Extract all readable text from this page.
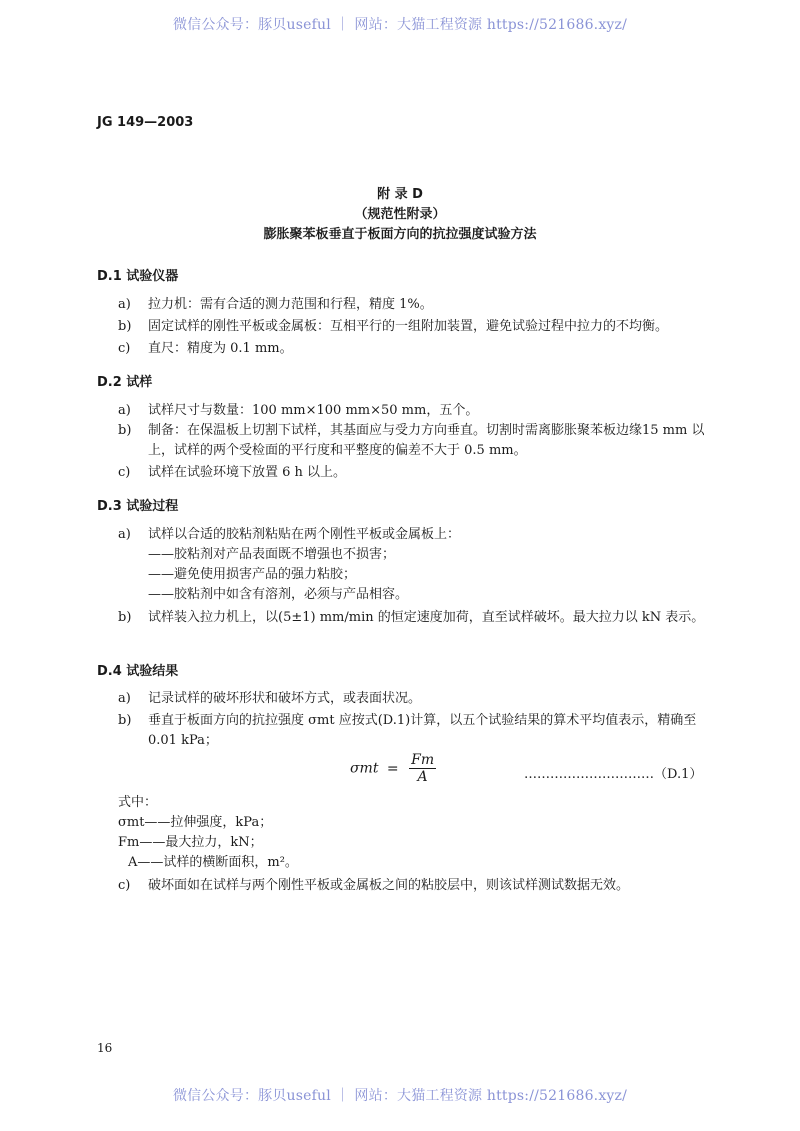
微信公众号：豚贝useful ｜ 网站：大猫工程资源 https://521686.xyz/
JG 149—2003
附 录 D
（规范性附录）
膨胀聚苯板垂直于板面方向的抗拉强度试验方法
D.1 试验仪器
a) 拉力机：需有合适的测力范围和行程，精度 1%。
b) 固定试样的刚性平板或金属板：互相平行的一组附加装置，避免试验过程中拉力的不均衡。
c) 直尺：精度为 0.1 mm。
D.2 试样
a) 试样尺寸与数量：100 mm×100 mm×50 mm，五个。
b) 制备：在保温板上切割下试样，其基面应与受力方向垂直。切割时需离膨胀聚苯板边缘15 mm 以上，试样的两个受检面的平行度和平整度的偏差不大于 0.5 mm。
c) 试样在试验环境下放置 6 h 以上。
D.3 试验过程
a) 试样以合适的胶粘剂粘贴在两个刚性平板或金属板上：
——胶粘剂对产品表面既不增强也不损害；
——避免使用损害产品的强力粘胶；
——胶粘剂中如含有溶剂，必须与产品相容。
b) 试样装入拉力机上，以(5±1) mm/min 的恒定速度加荷，直至试样破坏。最大拉力以 kN 表示。
D.4 试验结果
a) 记录试样的破坏形状和破坏方式，或表面状况。
b) 垂直于板面方向的抗拉强度 σmt 应按式(D.1)计算，以五个试验结果的算术平均值表示，精确至 0.01 kPa；
$\sigma mt = \frac{Fm}{A}$	…………………………（D.1）
式中：
σmt——拉伸强度，kPa；
Fm——最大拉力，kN；
A——试样的横断面积，m²。
c) 破坏面如在试样与两个刚性平板或金属板之间的粘胶层中，则该试样测试数据无效。
16
微信公众号：豚贝useful ｜ 网站：大猫工程资源 https://521686.xyz/
